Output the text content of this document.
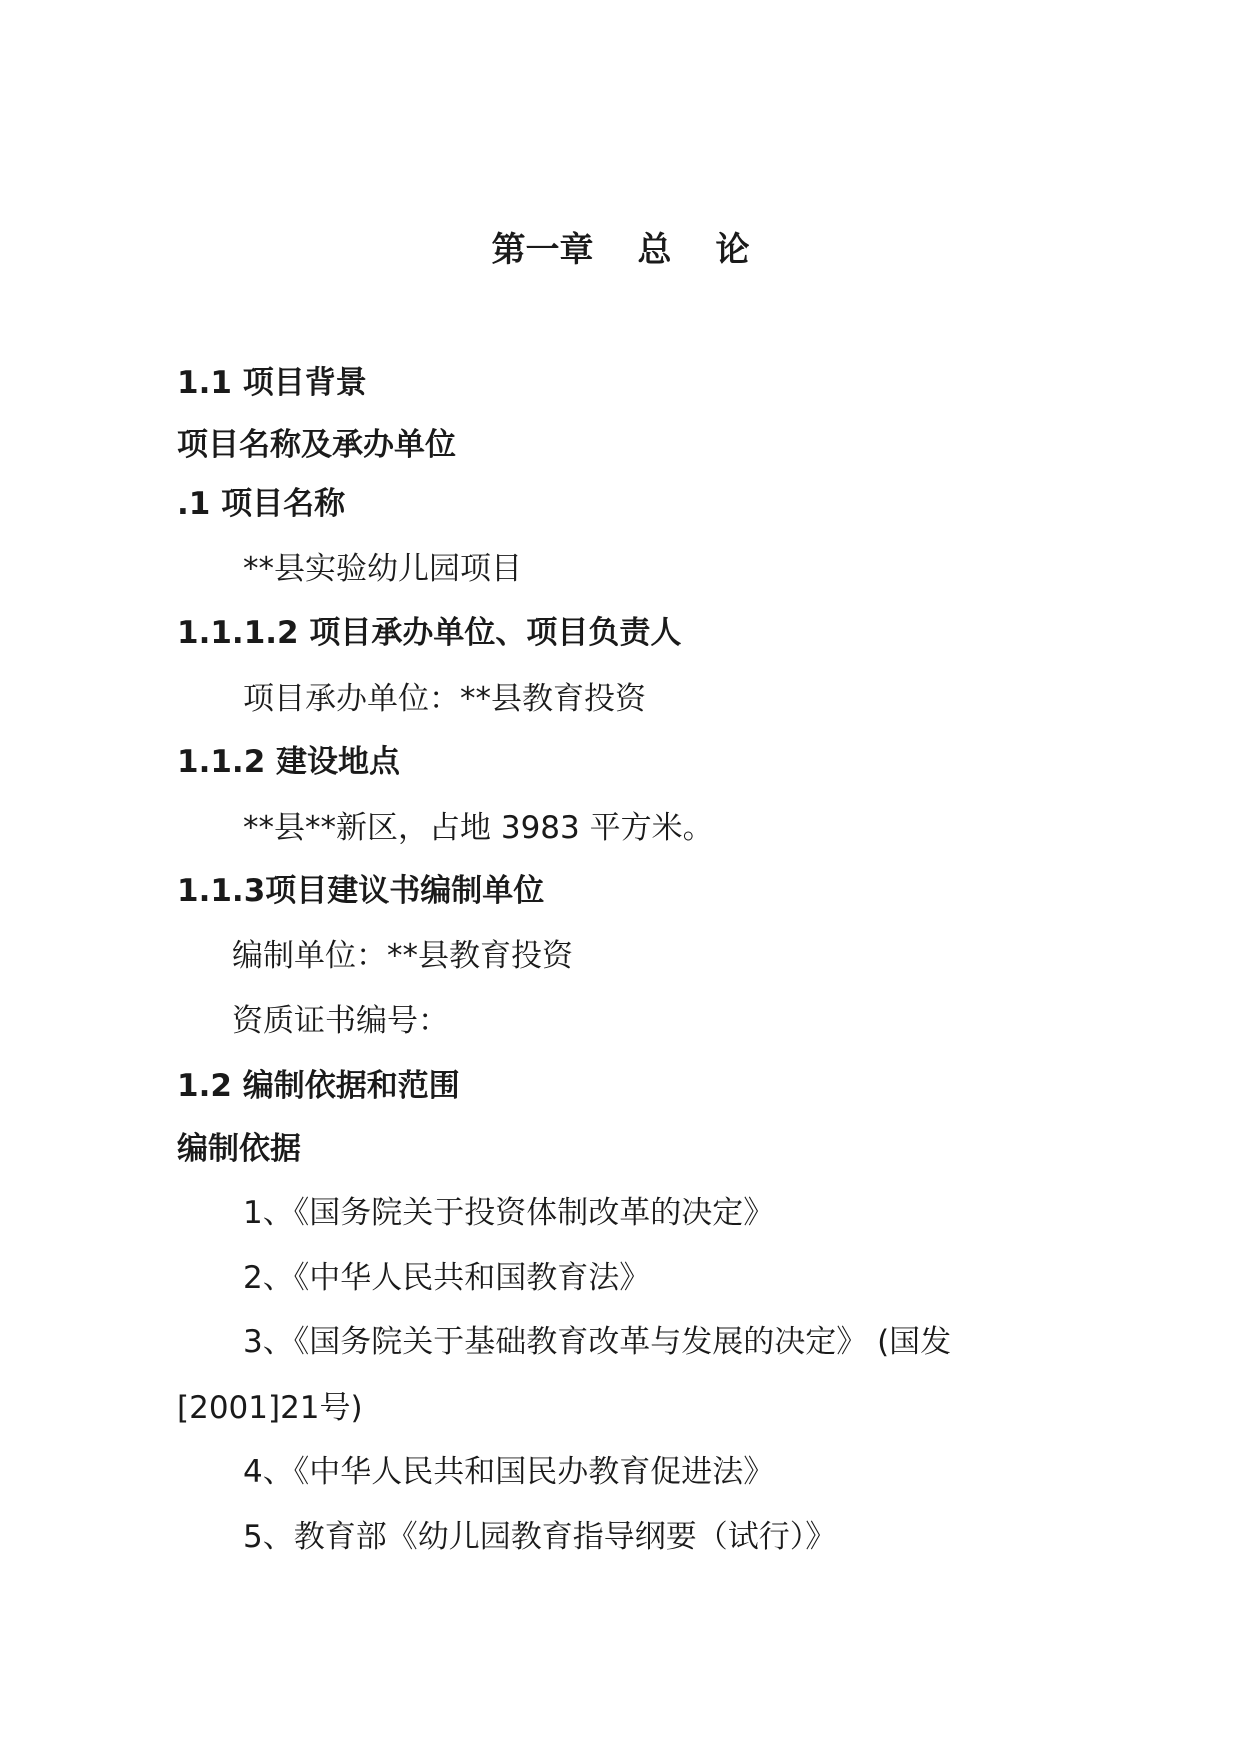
第一章 总 论
1.1 项目背景
项目名称及承办单位
.1 项目名称
**县实验幼儿园项目
1.1.1.2 项目承办单位、项目负责人
项目承办单位：**县教育投资
1.1.2 建设地点
**县**新区，占地 3983 平方米。
1.1.3项目建议书编制单位
编制单位：**县教育投资
资质证书编号：
1.2 编制依据和范围
编制依据
1、《国务院关于投资体制改革的决定》
2、《中华人民共和国教育法》
3、《国务院关于基础教育改革与发展的决定》 (国发
[2001]21号)
4、《中华人民共和国民办教育促进法》
5、教育部《幼儿园教育指导纲要（试行）》
